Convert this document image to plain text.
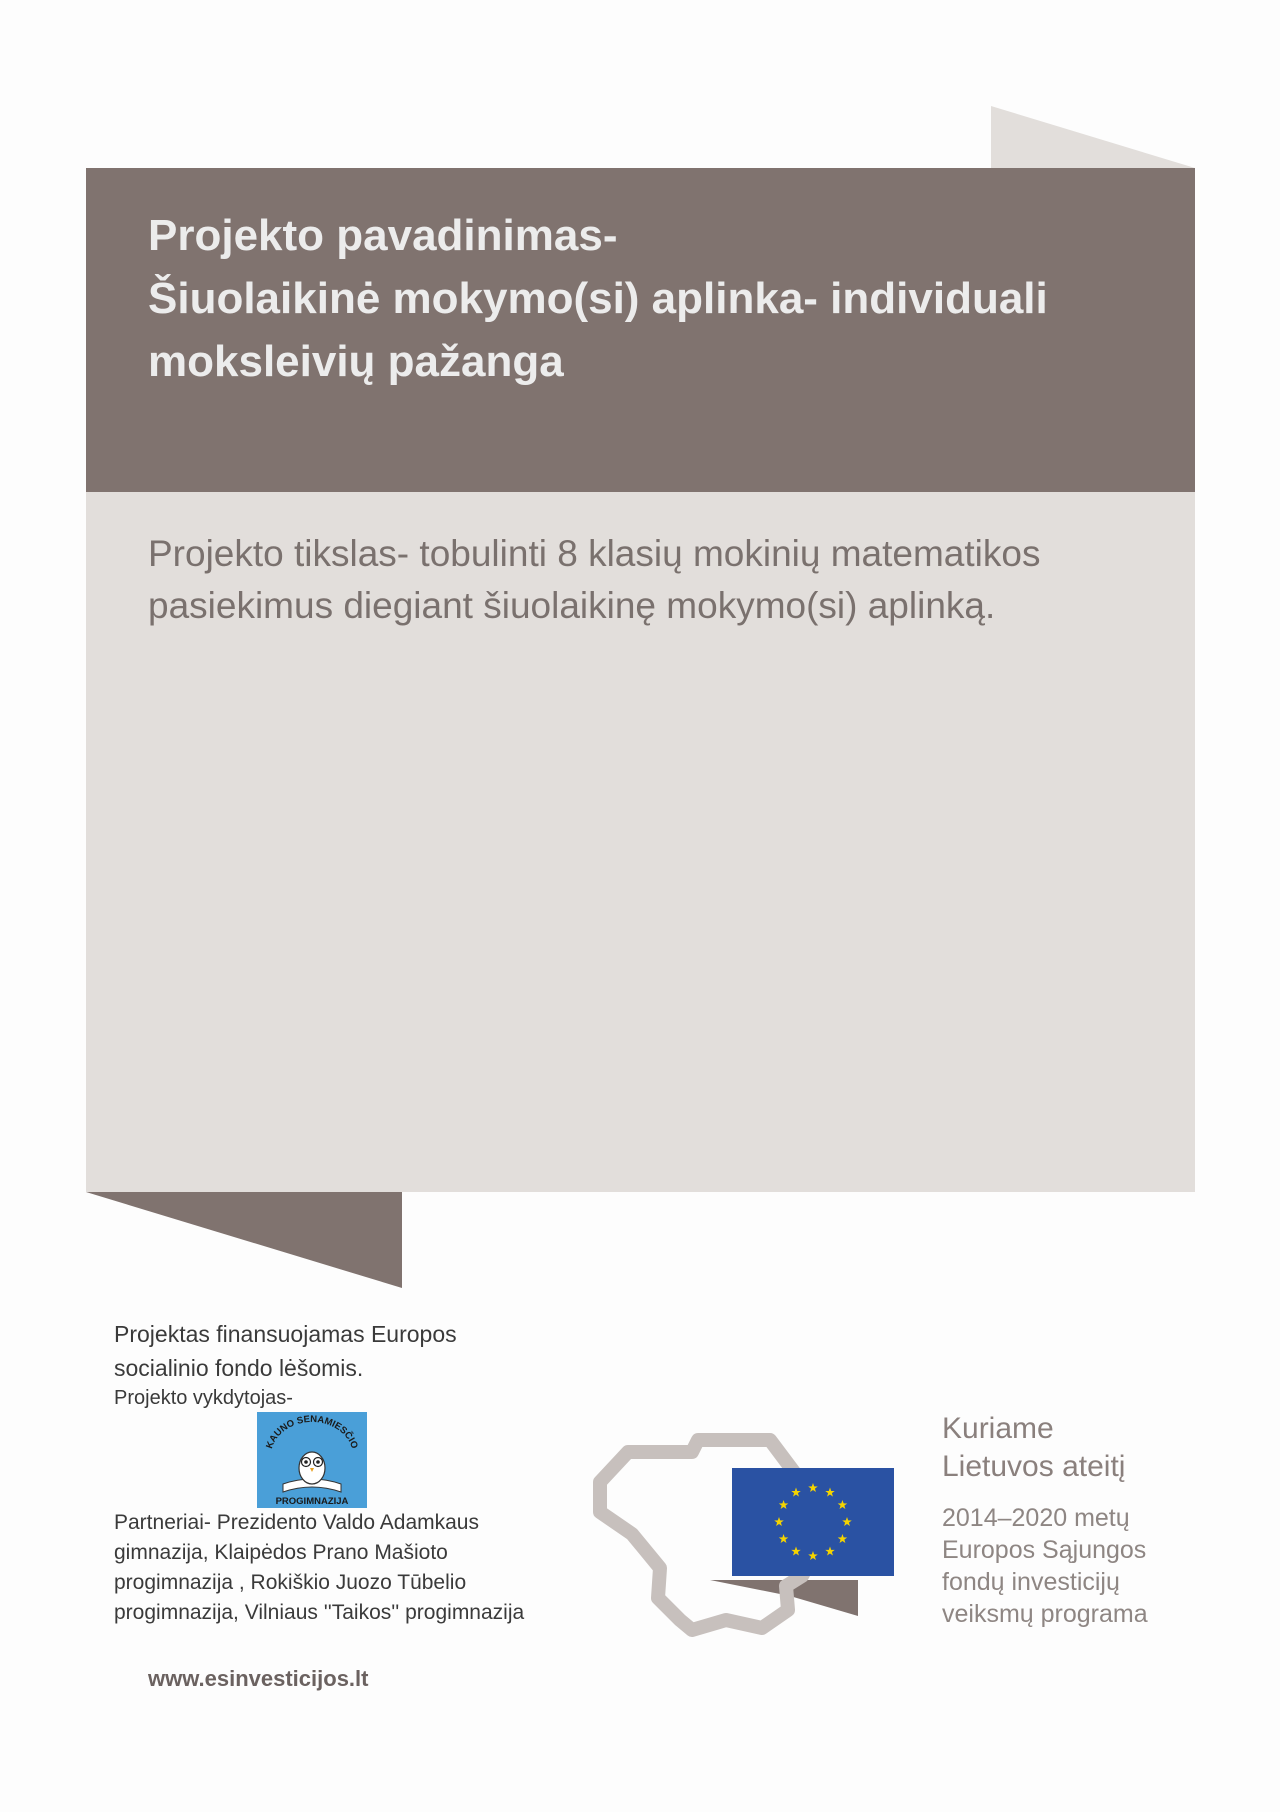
Projekto pavadinimas-
Šiuolaikinė mokymo(si) aplinka- individuali
moksleivių pažanga
Projekto tikslas- tobulinti 8 klasių mokinių matematikos
pasiekimus diegiant šiuolaikinę mokymo(si) aplinką.
Projektas finansuojamas Europos
socialinio fondo lėšomis.
Projekto vykdytojas-
KAUNO SENAMIESČIO
PROGIMNAZIJA
Partneriai- Prezidento Valdo Adamkaus
gimnazija, Klaipėdos Prano Mašioto
progimnazija , Rokiškio Juozo Tūbelio
progimnazija, Vilniaus ''Taikos'' progimnazija
www.esinvesticijos.lt
Kuriame
Lietuvos ateitį
2014–2020 metų
Europos Sąjungos
fondų investicijų
veiksmų programa
